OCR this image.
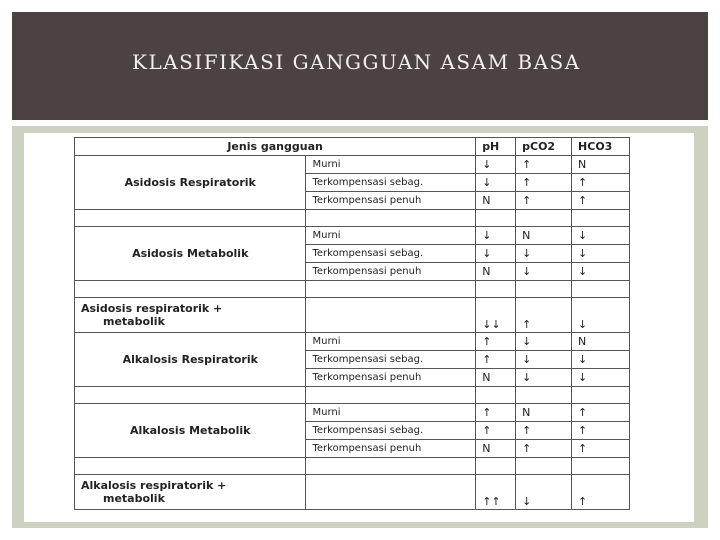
KLASIFIKASI GANGGUAN ASAM BASA
Jenis gangguan		pH	pCO2	HCO3
Asidosis Respiratorik	Murni	↓	↑	N
	Terkompensasi sebag.	↓	↑	↑
	Terkompensasi penuh	N	↑	↑

Asidosis Metabolik	Murni	↓	N	↓
	Terkompensasi sebag.	↓	↓	↓
	Terkompensasi penuh	N	↓	↓

Asidosis respiratorik +
metabolik		↓↓	↑	↓
Alkalosis Respiratorik	Murni	↑	↓	N
	Terkompensasi sebag.	↑	↓	↓
	Terkompensasi penuh	N	↓	↓

Alkalosis Metabolik	Murni	↑	N	↑
	Terkompensasi sebag.	↑	↑	↑
	Terkompensasi penuh	N	↑	↑

Alkalosis respiratorik +
metabolik		↑↑	↓	↑
